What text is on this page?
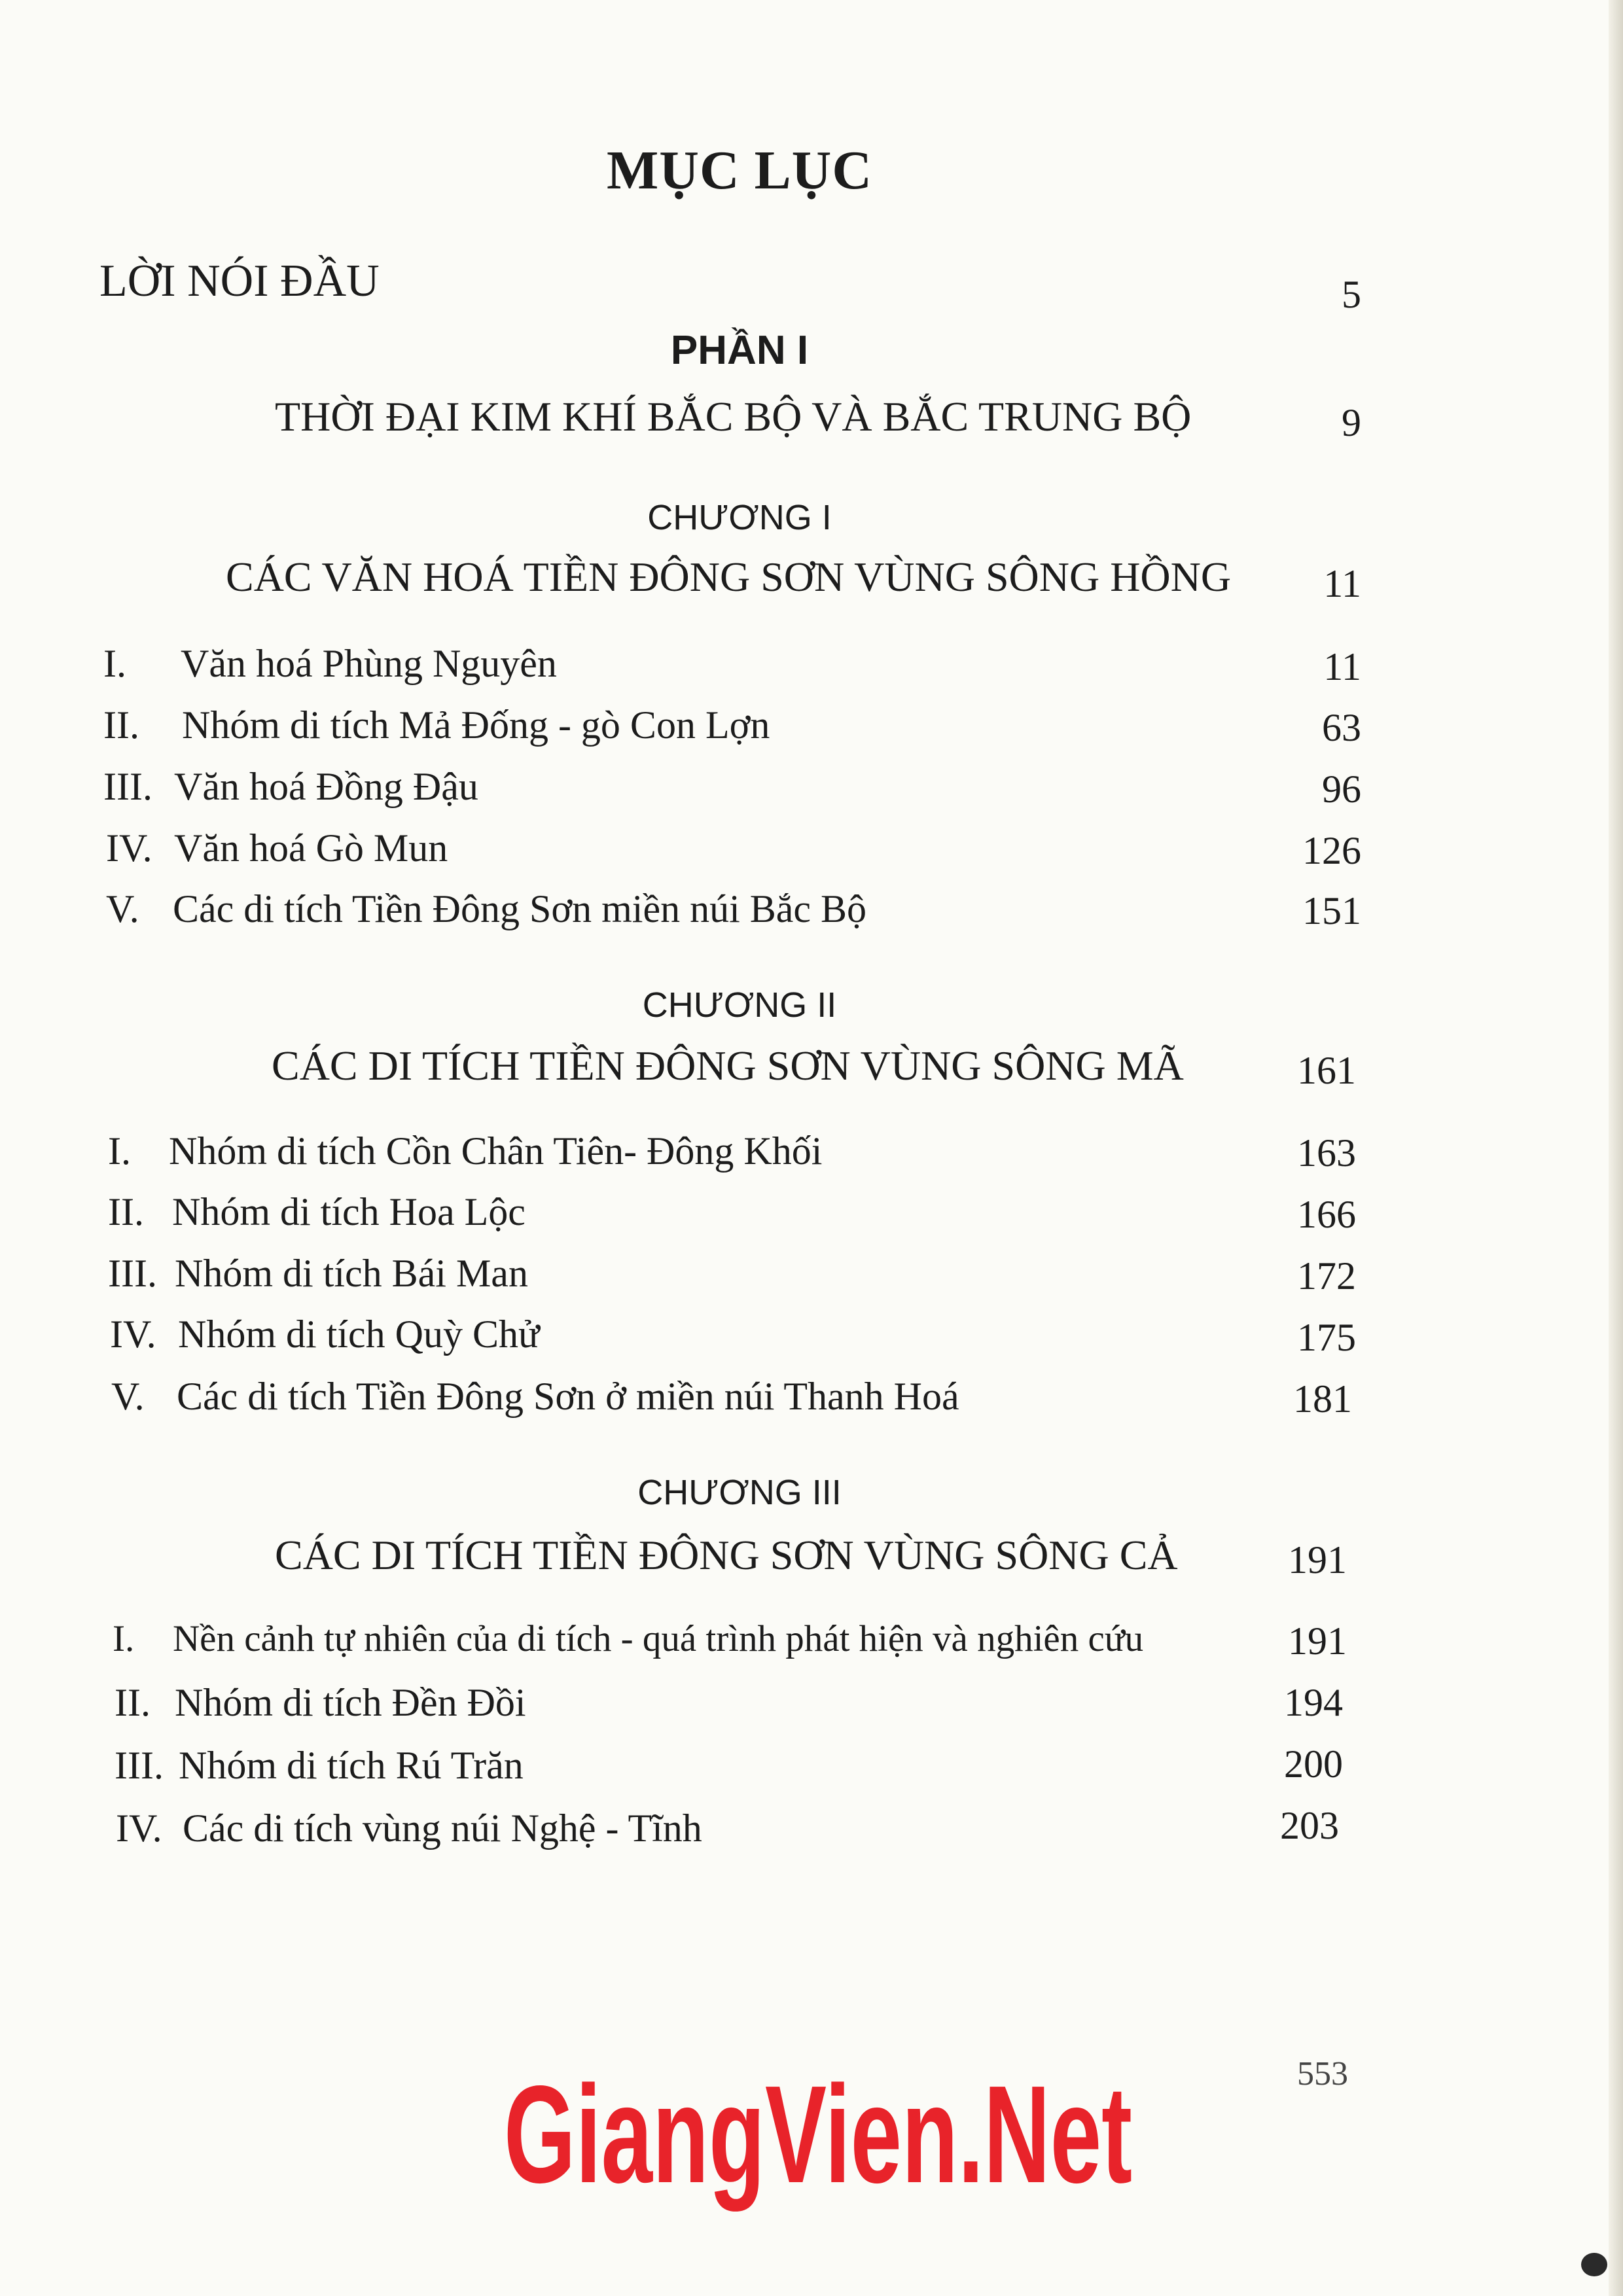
MỤC LỤC
LỜI NÓI ĐẦU	5
PHẦN I
THỜI ĐẠI KIM KHÍ BẮC BỘ VÀ BẮC TRUNG BỘ	9
CHƯƠNG I
CÁC VĂN HOÁ TIỀN ĐÔNG SƠN VÙNG SÔNG HỒNG	11
I. Văn hoá Phùng Nguyên	11
II. Nhóm di tích Mả Đống - gò Con Lợn	63
III. Văn hoá Đồng Đậu	96
IV. Văn hoá Gò Mun	126
V. Các di tích Tiền Đông Sơn miền núi Bắc Bộ	151
CHƯƠNG II
CÁC DI TÍCH TIỀN ĐÔNG SƠN VÙNG SÔNG MÃ	161
I. Nhóm di tích Cồn Chân Tiên- Đông Khối	163
II. Nhóm di tích Hoa Lộc	166
III. Nhóm di tích Bái Man	172
IV. Nhóm di tích Quỳ Chử	175
V. Các di tích Tiền Đông Sơn ở miền núi Thanh Hoá	181
CHƯƠNG III
CÁC DI TÍCH TIỀN ĐÔNG SƠN VÙNG SÔNG CẢ	191
I. Nền cảnh tự nhiên của di tích - quá trình phát hiện và nghiên cứu	191
II. Nhóm di tích Đền Đồi	194
III. Nhóm di tích Rú Trăn	200
IV. Các di tích vùng núi Nghệ - Tĩnh	203
553
GiangVien.Net
